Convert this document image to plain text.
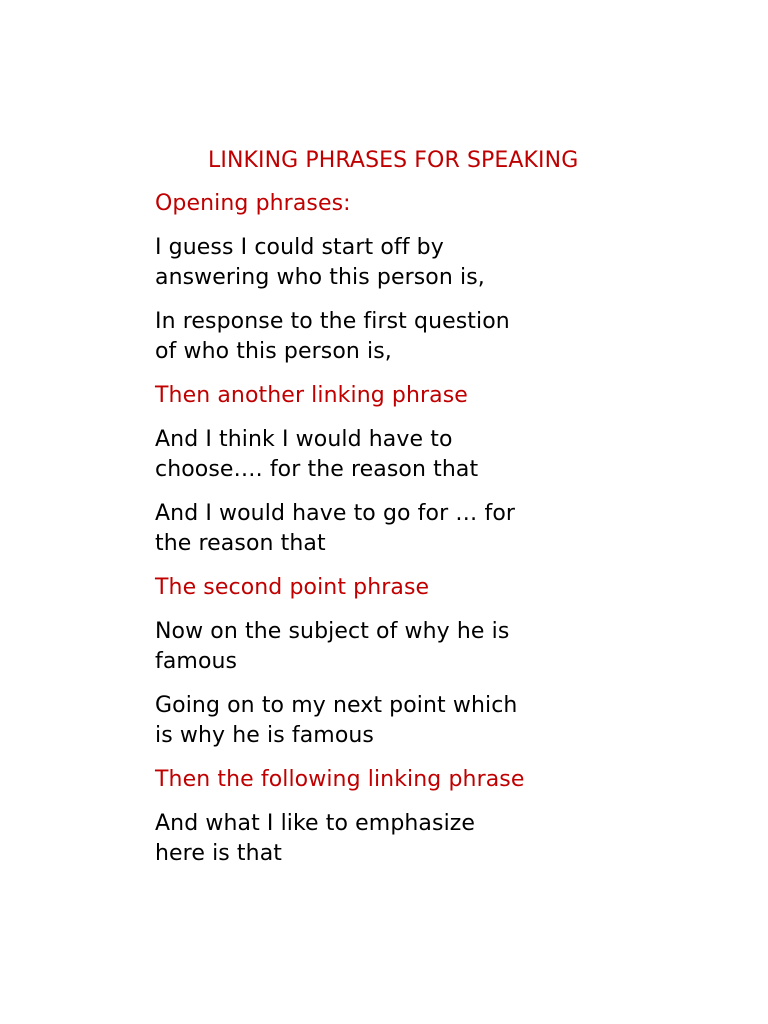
LINKING PHRASES FOR SPEAKING

Opening phrases:

I guess I could start off by
answering who this person is,

In response to the first question
of who this person is,

Then another linking phrase

And I think I would have to
choose…. for the reason that

And I would have to go for … for
the reason that

The second point phrase

Now on the subject of why he is
famous

Going on to my next point which
is why he is famous

Then the following linking phrase

And what I like to emphasize
here is that
